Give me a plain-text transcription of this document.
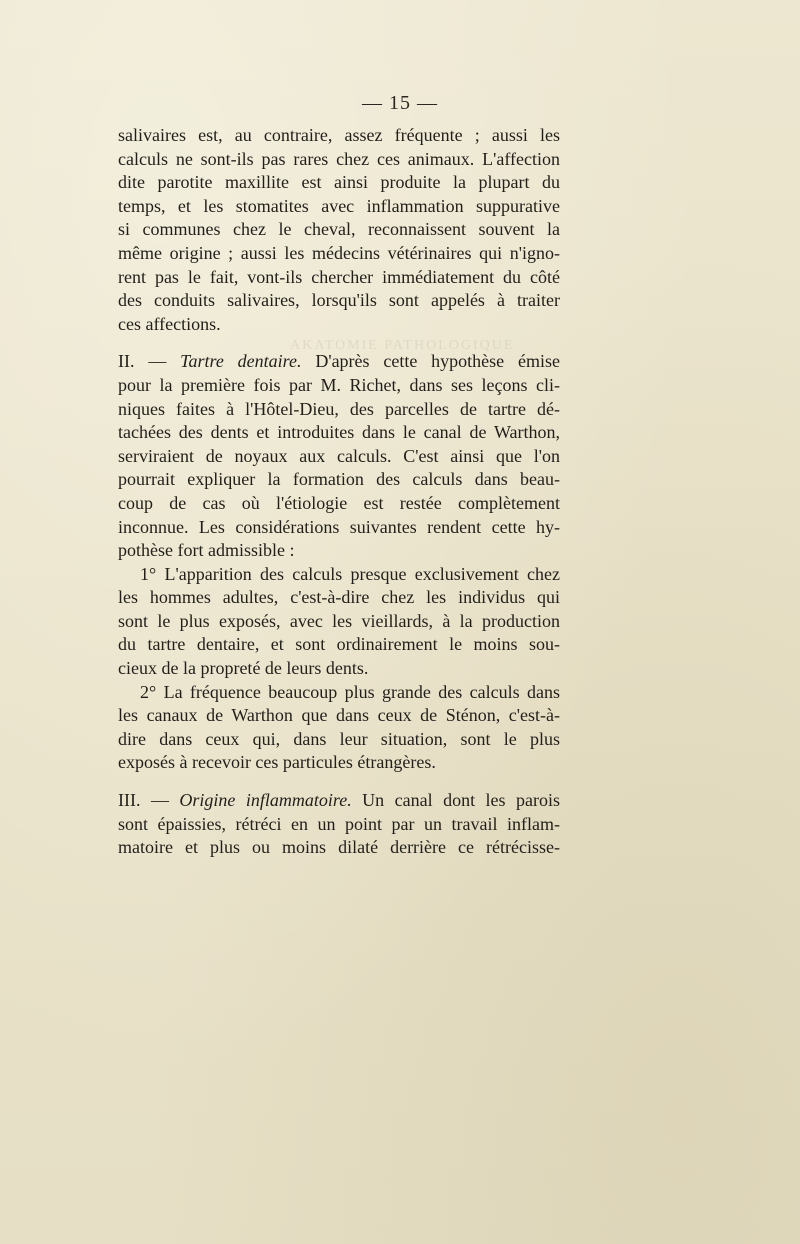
AKATOMIE PATHOLOGIQUE
— 15 —
salivaires est, au contraire, assez fréquente ; aussi les
calculs ne sont-ils pas rares chez ces animaux. L'affection
dite parotite maxillite est ainsi produite la plupart du
temps, et les stomatites avec inflammation suppurative
si communes chez le cheval, reconnaissent souvent la
même origine ; aussi les médecins vétérinaires qui n'igno-
rent pas le fait, vont-ils chercher immédiatement du côté
des conduits salivaires, lorsqu'ils sont appelés à traiter
ces affections.
II. — Tartre dentaire. D'après cette hypothèse émise
pour la première fois par M. Richet, dans ses leçons cli-
niques faites à l'Hôtel-Dieu, des parcelles de tartre dé-
tachées des dents et introduites dans le canal de Warthon,
serviraient de noyaux aux calculs. C'est ainsi que l'on
pourrait expliquer la formation des calculs dans beau-
coup de cas où l'étiologie est restée complètement
inconnue. Les considérations suivantes rendent cette hy-
pothèse fort admissible :
1° L'apparition des calculs presque exclusivement chez
les hommes adultes, c'est-à-dire chez les individus qui
sont le plus exposés, avec les vieillards, à la production
du tartre dentaire, et sont ordinairement le moins sou-
cieux de la propreté de leurs dents.
2° La fréquence beaucoup plus grande des calculs dans
les canaux de Warthon que dans ceux de Sténon, c'est-à-
dire dans ceux qui, dans leur situation, sont le plus
exposés à recevoir ces particules étrangères.
III. — Origine inflammatoire. Un canal dont les parois
sont épaissies, rétréci en un point par un travail inflam-
matoire et plus ou moins dilaté derrière ce rétrécisse-
